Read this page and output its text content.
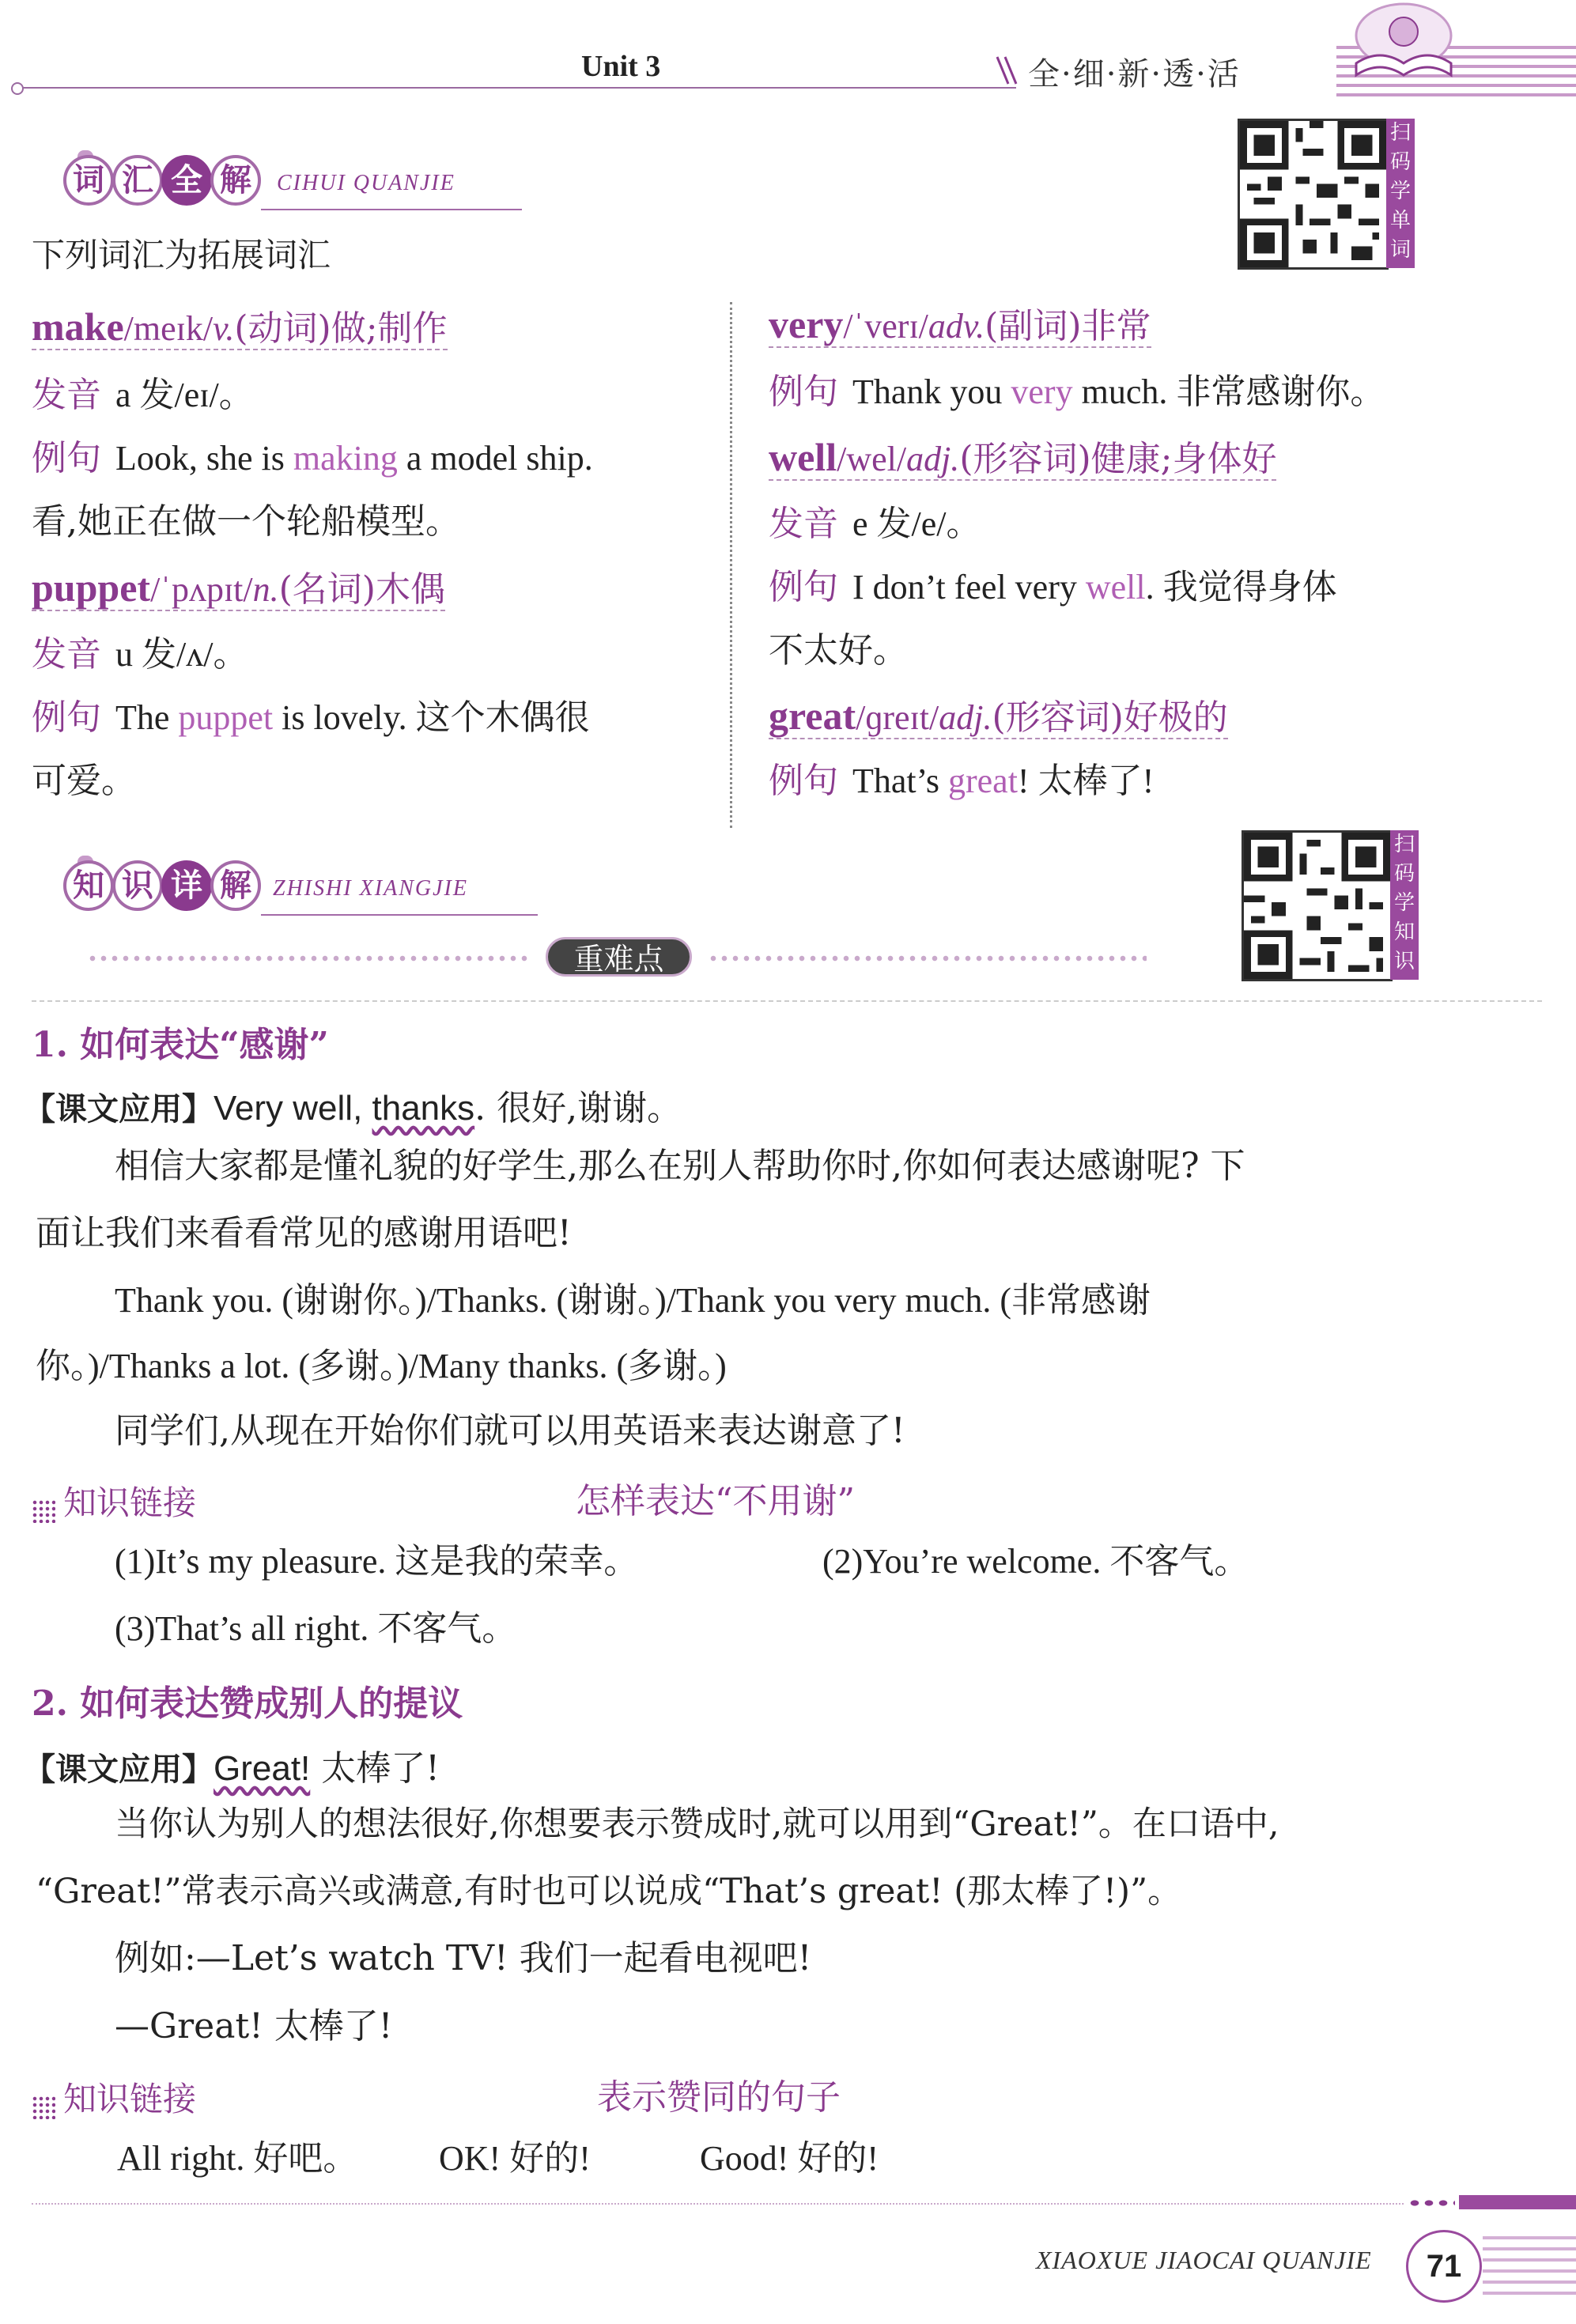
Unit 3	全·细·新·透·活
词 汇 全 解	CIHUI QUANJIE
扫码学单词
下列词汇为拓展词汇
make/meɪk/v.(动词)做;制作
发音 a 发/eɪ/。
例句 Look, she is making a model ship.
看,她正在做一个轮船模型。
puppet/ˈpʌpɪt/n.(名词)木偶
发音 u 发/ʌ/。
例句 The puppet is lovely. 这个木偶很
可爱。
very/ˈverɪ/adv.(副词)非常
例句 Thank you very much. 非常感谢你。
well/wel/adj.(形容词)健康;身体好
发音 e 发/e/。
例句 I don’t feel very well. 我觉得身体
不太好。
great/ɡreɪt/adj.(形容词)好极的
例句 That’s great! 太棒了!
知 识 详 解 ZHISHI XIANGJIE
扫码学知识
重难点
1. 如何表达“感谢”
【课文应用】Very well, thanks. 很好,谢谢。
相信大家都是懂礼貌的好学生,那么在别人帮助你时,你如何表达感谢呢? 下
面让我们来看看常见的感谢用语吧!
Thank you. (谢谢你。)/Thanks. (谢谢。)/Thank you very much. (非常感谢
你。)/Thanks a lot. (多谢。)/Many thanks. (多谢。)
同学们,从现在开始你们就可以用英语来表达谢意了!
知识链接	怎样表达“不用谢”
(1)It’s my pleasure. 这是我的荣幸。	(2)You’re welcome. 不客气。
(3)That’s all right. 不客气。
2. 如何表达赞成别人的提议
【课文应用】Great! 太棒了!
当你认为别人的想法很好,你想要表示赞成时,就可以用到“Great!”。在口语中,
“Great!”常表示高兴或满意,有时也可以说成“That’s great! (那太棒了!)”。
例如:—Let’s watch TV! 我们一起看电视吧!
—Great! 太棒了!
知识链接	表示赞同的句子
All right. 好吧。 OK! 好的!	Good! 好的!
XIAOXUE JIAOCAI QUANJIE	71
